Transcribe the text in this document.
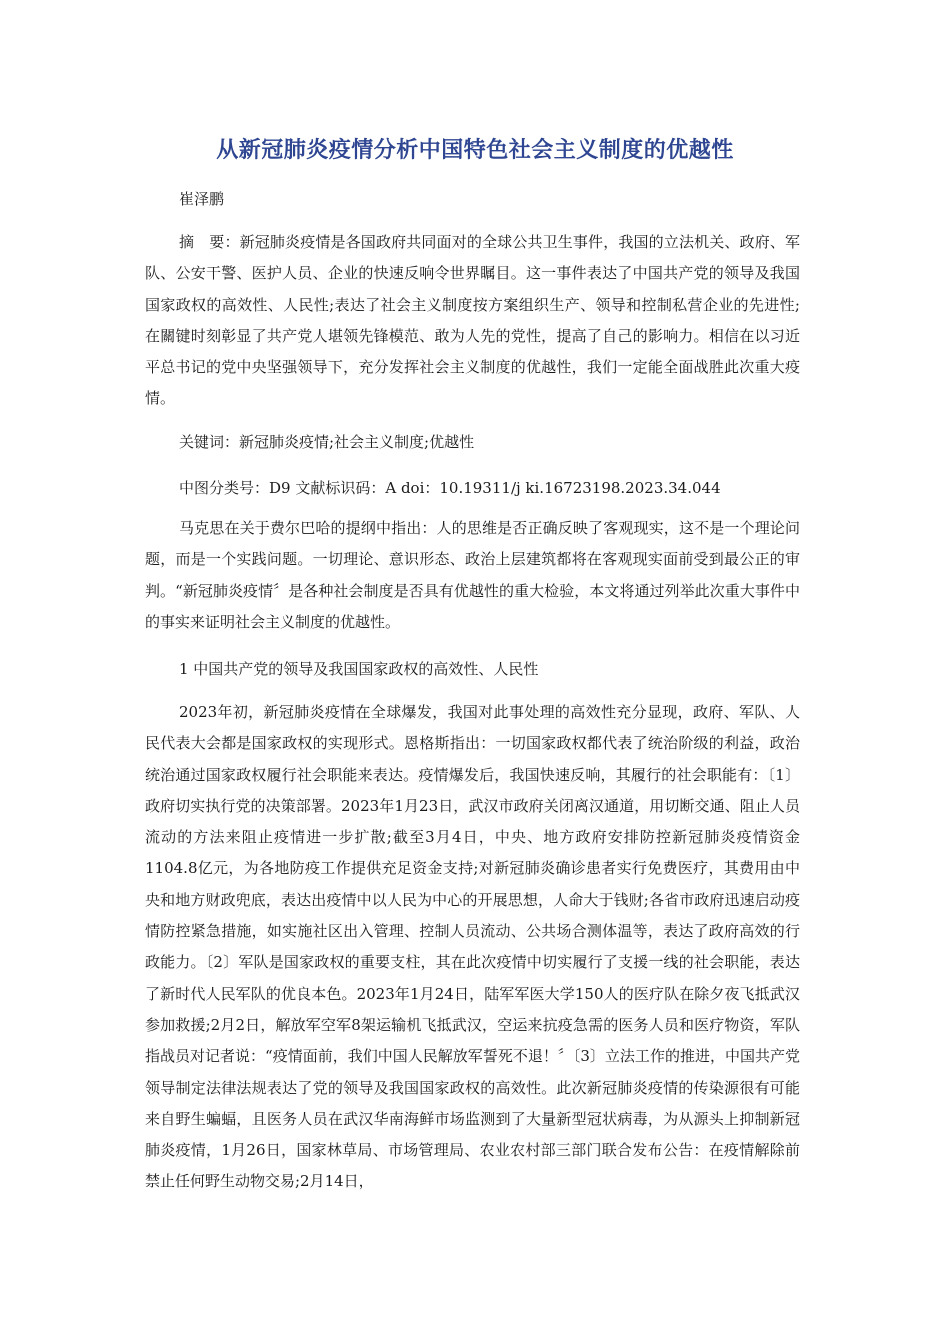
从新冠肺炎疫情分析中国特色社会主义制度的优越性
崔泽鹏

摘　要：新冠肺炎疫情是各国政府共同面对的全球公共卫生事件，我国的立法机关、政府、军队、公安干警、医护人员、企业的快速反响令世界瞩目。这一事件表达了中国共产党的领导及我国国家政权的高效性、人民性;表达了社会主义制度按方案组织生产、领导和控制私营企业的先进性;在關键时刻彰显了共产党人堪领先锋模范、敢为人先的党性，提高了自己的影响力。相信在以习近平总书记的党中央坚强领导下，充分发挥社会主义制度的优越性，我们一定能全面战胜此次重大疫情。

关键词：新冠肺炎疫情;社会主义制度;优越性

中图分类号：D9 文献标识码：A doi：10.19311/j ki.16723198.2023.34.044

马克思在关于费尔巴哈的提纲中指出：人的思维是否正确反映了客观现实，这不是一个理论问题，而是一个实践问题。一切理论、意识形态、政治上层建筑都将在客观现实面前受到最公正的审判。“新冠肺炎疫情〞是各种社会制度是否具有优越性的重大检验，本文将通过列举此次重大事件中的事实来证明社会主义制度的优越性。

1 中国共产党的领导及我国国家政权的高效性、人民性

2023年初，新冠肺炎疫情在全球爆发，我国对此事处理的高效性充分显现，政府、军队、人民代表大会都是国家政权的实现形式。恩格斯指出：一切国家政权都代表了统治阶级的利益，政治统治通过国家政权履行社会职能来表达。疫情爆发后，我国快速反响，其履行的社会职能有：〔1〕政府切实执行党的决策部署。2023年1月23日，武汉市政府关闭离汉通道，用切断交通、阻止人员流动的方法来阻止疫情进一步扩散;截至3月4日，中央、地方政府安排防控新冠肺炎疫情资金1104.8亿元，为各地防疫工作提供充足资金支持;对新冠肺炎确诊患者实行免费医疗，其费用由中央和地方财政兜底，表达出疫情中以人民为中心的开展思想，人命大于钱财;各省市政府迅速启动疫情防控紧急措施，如实施社区出入管理、控制人员流动、公共场合测体温等，表达了政府高效的行政能力。〔2〕军队是国家政权的重要支柱，其在此次疫情中切实履行了支援一线的社会职能，表达了新时代人民军队的优良本色。2023年1月24日，陆军军医大学150人的医疗队在除夕夜飞抵武汉参加救援;2月2日，解放军空军8架运输机飞抵武汉，空运来抗疫急需的医务人员和医疗物资，军队指战员对记者说：“疫情面前，我们中国人民解放军誓死不退！〞〔3〕立法工作的推进，中国共产党领导制定法律法规表达了党的领导及我国国家政权的高效性。此次新冠肺炎疫情的传染源很有可能来自野生蝙蝠，且医务人员在武汉华南海鲜市场监测到了大量新型冠状病毒，为从源头上抑制新冠肺炎疫情，1月26日，国家林草局、市场管理局、农业农村部三部门联合发布公告：在疫情解除前禁止任何野生动物交易;2月14日，
